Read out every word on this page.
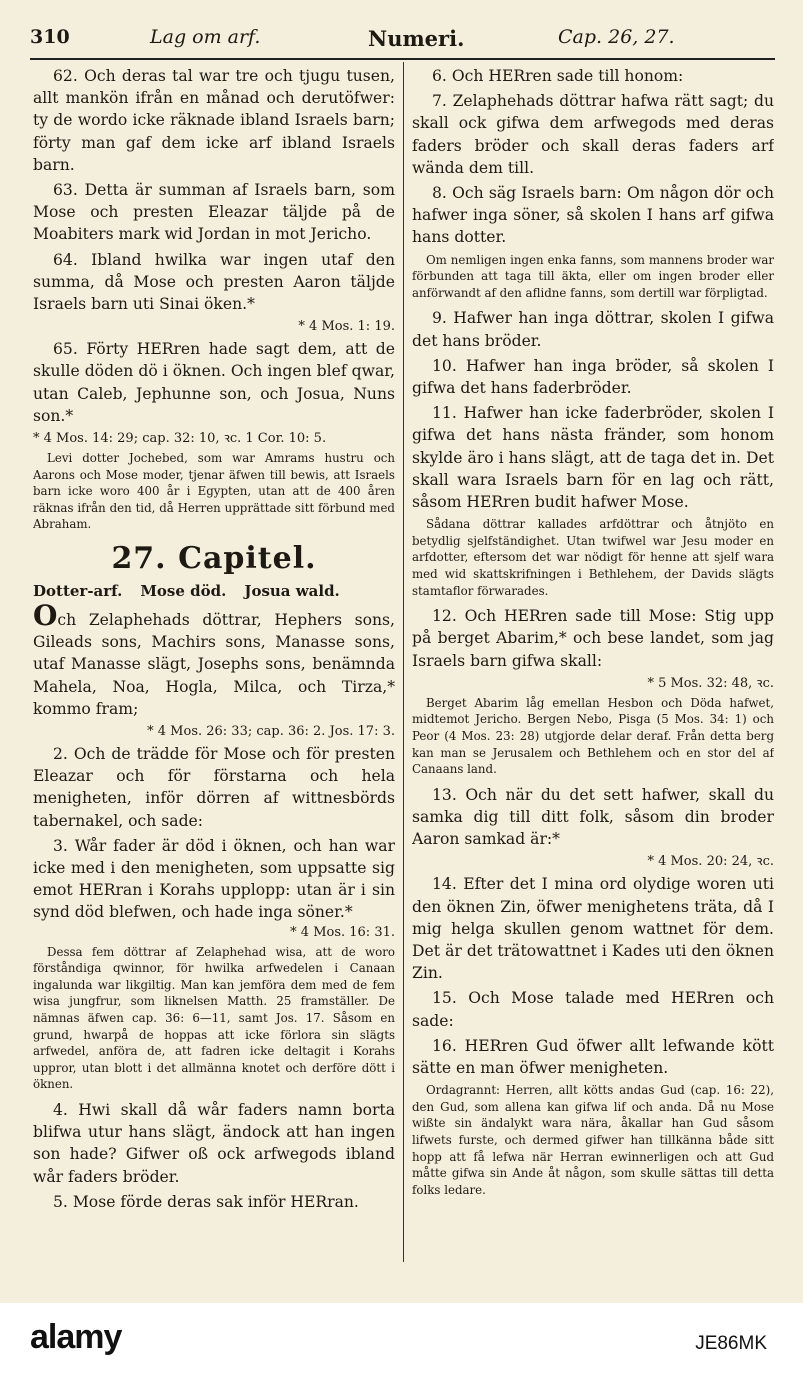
310	Lag om arf.	Numeri.	Cap. 26, 27.

62. Och deras tal war tre och tjugu tusen, allt mankön ifrån en månad och derutöfwer: ty de wordo icke räknade ibland Israels barn; förty man gaf dem icke arf ibland Israels barn.

63. Detta är summan af Israels barn, som Mose och presten Eleazar täljde på de Moabiters mark wid Jordan in mot Jericho.

64. Ibland hwilka war ingen utaf den summa, då Mose och presten Aaron täljde Israels barn uti Sinai öken.*

* 4 Mos. 1: 19.

65. Förty HERren hade sagt dem, att de skulle döden dö i öknen. Och ingen blef qwar, utan Caleb, Jephunne son, och Josua, Nuns son.*

* 4 Mos. 14: 29; cap. 32: 10, ꝛc. 1 Cor. 10: 5.

Levi dotter Jochebed, som war Amrams hustru och Aarons och Mose moder, tjenar äfwen till bewis, att Israels barn icke woro 400 år i Egypten, utan att de 400 åren räknas ifrån den tid, då Herren upprättade sitt förbund med Abraham.

27. Capitel.
Dotter-arf. Mose död. Josua wald.

Och Zelaphehads döttrar, Hephers sons, Gileads sons, Machirs sons, Manasse sons, utaf Manasse slägt, Josephs sons, benämnda Mahela, Noa, Hogla, Milca, och Tirza,* kommo fram;

* 4 Mos. 26: 33; cap. 36: 2. Jos. 17: 3.

2. Och de trädde för Mose och för presten Eleazar och för förstarna och hela menigheten, inför dörren af wittnesbörds tabernakel, och sade:

3. Wår fader är död i öknen, och han war icke med i den menigheten, som uppsatte sig emot HERran i Korahs upplopp: utan är i sin synd död blefwen, och hade inga söner.*

* 4 Mos. 16: 31.

Dessa fem döttrar af Zelaphehad wisa, att de woro förståndiga qwinnor, för hwilka arfwedelen i Canaan ingalunda war likgiltig. Man kan jemföra dem med de fem wisa jungfrur, som liknelsen Matth. 25 framställer. De nämnas äfwen cap. 36: 6—11, samt Jos. 17. Såsom en grund, hwarpå de hoppas att icke förlora sin slägts arfwedel, anföra de, att fadren icke deltagit i Korahs uppror, utan blott i det allmänna knotet och derföre dött i öknen.

4. Hwi skall då wår faders namn borta blifwa utur hans slägt, ändock att han ingen son hade? Gifwer oß ock arfwegods ibland wår faders bröder.

5. Mose förde deras sak inför HERran.

6. Och HERren sade till honom:

7. Zelaphehads döttrar hafwa rätt sagt; du skall ock gifwa dem arfwegods med deras faders bröder och skall deras faders arf wända dem till.

8. Och säg Israels barn: Om någon dör och hafwer inga söner, så skolen I hans arf gifwa hans dotter.

Om nemligen ingen enka fanns, som mannens broder war förbunden att taga till äkta, eller om ingen broder eller anförwandt af den aflidne fanns, som dertill war förpligtad.

9. Hafwer han inga döttrar, skolen I gifwa det hans bröder.

10. Hafwer han inga bröder, så skolen I gifwa det hans faderbröder.

11. Hafwer han icke faderbröder, skolen I gifwa det hans nästa fränder, som honom skylde äro i hans slägt, att de taga det in. Det skall wara Israels barn för en lag och rätt, såsom HERren budit hafwer Mose.

Sådana döttrar kallades arfdöttrar och åtnjöto en betydlig sjelfständighet. Utan twifwel war Jesu moder en arfdotter, eftersom det war nödigt för henne att sjelf wara med wid skattskrifningen i Bethlehem, der Davids slägts stamtaflor förwarades.

12. Och HERren sade till Mose: Stig upp på berget Abarim,* och bese landet, som jag Israels barn gifwa skall:

* 5 Mos. 32: 48, ꝛc.

Berget Abarim låg emellan Hesbon och Döda hafwet, midtemot Jericho. Bergen Nebo, Pisga (5 Mos. 34: 1) och Peor (4 Mos. 23: 28) utgjorde delar deraf. Från detta berg kan man se Jerusalem och Bethlehem och en stor del af Canaans land.

13. Och när du det sett hafwer, skall du samka dig till ditt folk, såsom din broder Aaron samkad är:*

* 4 Mos. 20: 24, ꝛc.

14. Efter det I mina ord olydige woren uti den öknen Zin, öfwer menighetens träta, då I mig helga skullen genom wattnet för dem. Det är det trätowattnet i Kades uti den öknen Zin.

15. Och Mose talade med HERren och sade:

16. HERren Gud öfwer allt lefwande kött sätte en man öfwer menigheten.

Ordagrannt: Herren, allt kötts andas Gud (cap. 16: 22), den Gud, som allena kan gifwa lif och anda. Då nu Mose wißte sin ändalykt wara nära, åkallar han Gud såsom lifwets furste, och dermed gifwer han tillkänna både sitt hopp att få lefwa när Herran ewinnerligen och att Gud måtte gifwa sin Ande åt någon, som skulle sättas till detta folks ledare.

alamy	JE86MK
